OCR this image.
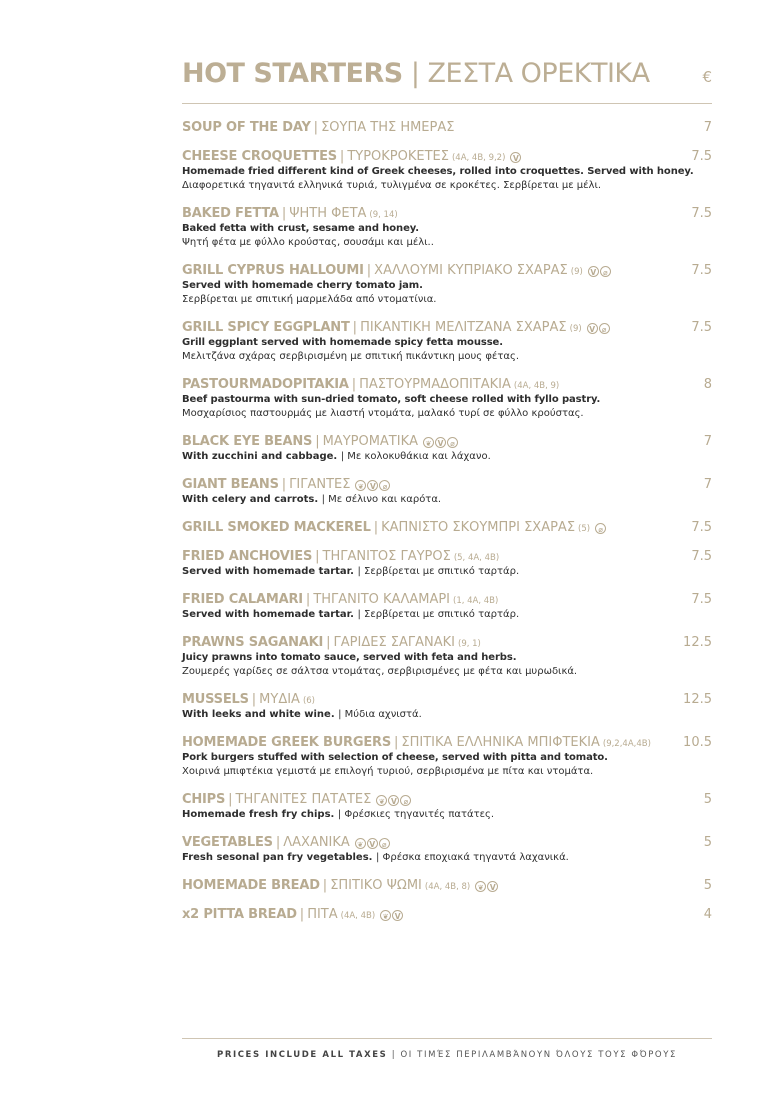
HOT STARTERS | ΖΕΣΤΑ ΟΡΕΚΤΙΚΑ	€
SOUP OF THE DAY | ΣΟΥΠΑ ΤΗΣ ΗΜΕΡΑΣ	7
CHEESE CROQUETTES | ΤΥΡΟΚΡΟΚΕΤΕΣ (4A, 4B, 9,2) V	7.5
Homemade fried different kind of Greek cheeses, rolled into croquettes. Served with honey.
Διαφορετικά τηγανιτά ελληνικά τυριά, τυλιγμένα σε κροκέτες. Σερβίρεται με μέλι.
BAKED FETTA | ΨΗΤΗ ΦΕΤΑ (9, 14)	7.5
Baked fetta with crust, sesame and honey.
Ψητή φέτα με φύλλο κρούστας, σουσάμι και μέλι..
GRILL CYPRUS HALLOUMI | ΧΑΛΛΟΥΜΙ ΚΥΠΡΙΑΚΟ ΣΧΑΡΑΣ (9) V ⌀	7.5
Served with homemade cherry tomato jam.
Σερβίρεται με σπιτική μαρμελάδα από ντοματίνια.
GRILL SPICY EGGPLANT | ΠΙΚΑΝΤΙΚΗ ΜΕΛΙΤΖΑΝΑ ΣΧΑΡΑΣ (9) V ⌀	7.5
Grill eggplant served with homemade spicy fetta mousse.
Μελιτζάνα σχάρας σερβιρισμένη με σπιτική πικάντικη μους φέτας.
PASTOURMADOPITAKIA | ΠΑΣΤΟΥΡΜΑΔΟΠΙΤΑΚΙΑ (4A, 4B, 9)	8
Beef pastourma with sun-dried tomato, soft cheese rolled with fyllo pastry.
Μοσχαρίσιος παστουρμάς με λιαστή ντομάτα, μαλακό τυρί σε φύλλο κρούστας.
BLACK EYE BEANS | ΜΑΥΡΟΜΑΤΙΚΑ ❦ V ⌀	7
With zucchini and cabbage. | Με κολοκυθάκια και λάχανο.
GIANT BEANS | ΓΙΓΑΝΤΕΣ ❦ V ⌀	7
With celery and carrots. | Με σέλινο και καρότα.
GRILL SMOKED MACKEREL | ΚΑΠΝΙΣΤΟ ΣΚΟΥΜΠΡΙ ΣΧΑΡΑΣ (5) ⌀	7.5
FRIED ANCHOVIES | ΤΗΓΑΝΙΤΟΣ ΓΑΥΡΟΣ (5, 4A, 4B)	7.5
Served with homemade tartar. | Σερβίρεται με σπιτικό ταρτάρ.
FRIED CALAMARI | ΤΗΓΑΝΙΤΟ ΚΑΛΑΜΑΡΙ (1, 4A, 4B)	7.5
Served with homemade tartar. | Σερβίρεται με σπιτικό ταρτάρ.
PRAWNS SAGANAKI | ΓΑΡΙΔΕΣ ΣΑΓΑΝΑΚΙ (9, 1)	12.5
Juicy prawns into tomato sauce, served with feta and herbs.
Ζουμερές γαρίδες σε σάλτσα ντομάτας, σερβιρισμένες με φέτα και μυρωδικά.
MUSSELS | ΜΥΔΙΑ (6)	12.5
With leeks and white wine. | Μύδια αχνιστά.
HOMEMADE GREEK BURGERS | ΣΠΙΤΙΚΑ ΕΛΛΗΝΙΚΑ ΜΠΙΦΤΕΚΙΑ (9,2,4A,4B)	10.5
Pork burgers stuffed with selection of cheese, served with pitta and tomato.
Χοιρινά μπιφτέκια γεμιστά με επιλογή τυριού, σερβιρισμένα με πίτα και ντομάτα.
CHIPS | ΤΗΓΑΝΙΤΕΣ ΠΑΤΑΤΕΣ ❦ V ⌀	5
Homemade fresh fry chips. | Φρέσκιες τηγανιτές πατάτες.
VEGETABLES | ΛΑΧΑΝΙΚΑ ❦ V ⌀	5
Fresh sesonal pan fry vegetables. | Φρέσκα εποχιακά τηγαντά λαχανικά.
HOMEMADE BREAD | ΣΠΙΤΙΚΟ ΨΩΜΙ (4A, 4B, 8) ❦ V	5
x2 PITTA BREAD | ΠΙΤΑ (4A, 4B) ❦ V	4
PRICES INCLUDE ALL TAXES | ΟΙ ΤΙΜΈΣ ΠΕΡΙΛΑΜΒΆΝΟΥΝ ΌΛΟΥΣ ΤΟΥΣ ΦΌΡΟΥΣ
